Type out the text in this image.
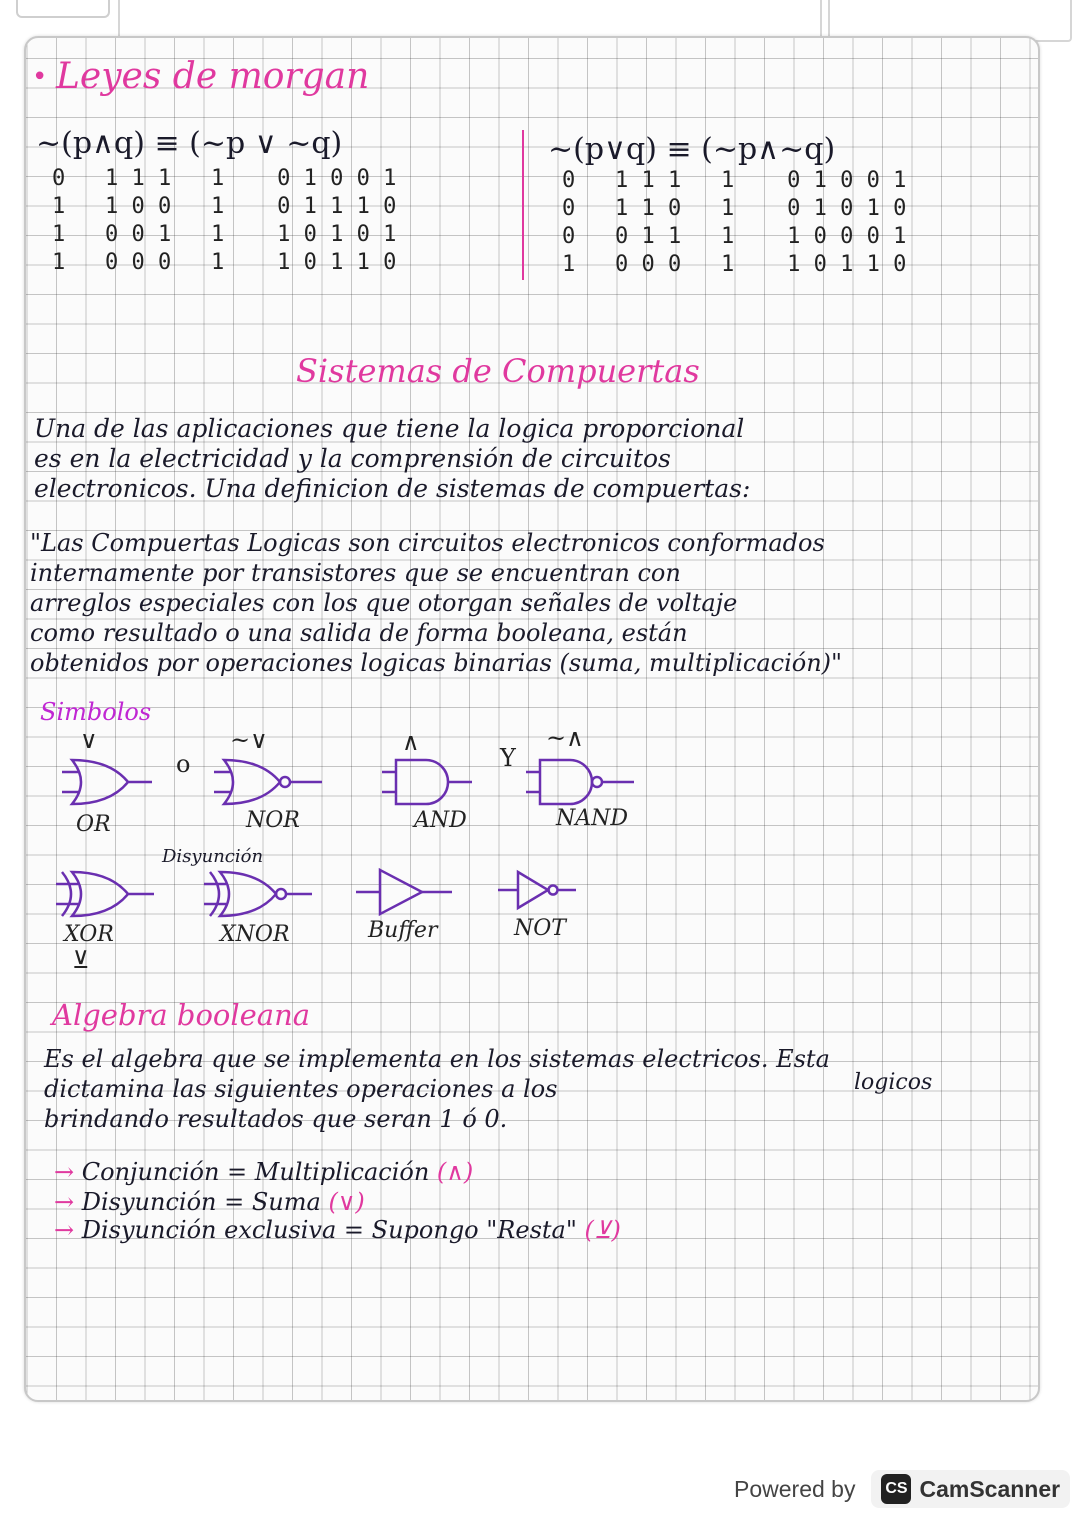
• Leyes de morgan
~(p∧q) ≡ (~p ∨ ~q)	~(p∨q) ≡ (~p∧~q)
0   1 1 1   1    0 1 0 0 1
1   1 0 0   1    0 1 1 1 0
1   0 0 1   1    1 0 1 0 1
1   0 0 0   1    1 0 1 1 0
0   1 1 1   1    0 1 0 0 1
0   1 1 0   1    0 1 0 1 0
0   0 1 1   1    1 0 0 0 1
1   0 0 0   1    1 0 1 1 0
Sistemas de Compuertas
Una de las aplicaciones que tiene la logica proporcional
es en la electricidad y la comprensión de circuitos
electronicos. Una definicion de sistemas de compuertas:
"Las Compuertas Logicas son circuitos electronicos conformados
internamente por transistores que se encuentran con
arreglos especiales con los que otorgan señales de voltaje
como resultado o una salida de forma booleana, están
obtenidos por operaciones logicas binarias (suma, multiplicación)"
Simbolos
∨
OR
o
~∨
NOR
∧
AND
Y
~∧
NAND
Disyunción
XOR
⊻
XNOR	Buffer	NOT
Algebra booleana
logicos
Es el algebra que se implementa en los sistemas electricos. Esta
dictamina las siguientes operaciones a los
brindando resultados que seran 1 ó 0.
→ Conjunción = Multiplicación (∧)
→ Disyunción = Suma (∨)
→ Disyunción exclusiva = Supongo "Resta" (⊻)
Powered by CS CamScanner
